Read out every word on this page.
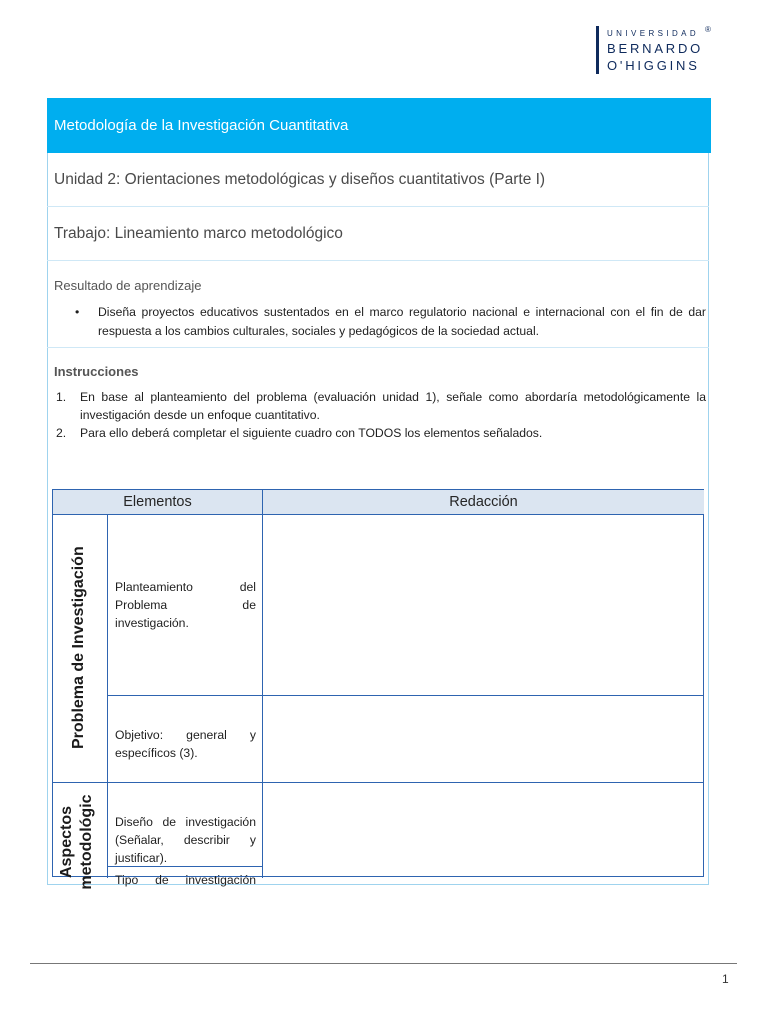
UNIVERSIDAD
BERNARDO
O'HIGGINS
®
Metodología de la Investigación Cuantitativa
Unidad 2: Orientaciones metodológicas y diseños cuantitativos (Parte I)
Trabajo: Lineamiento marco metodológico
Resultado de aprendizaje
• Diseña proyectos educativos sustentados en el marco regulatorio nacional e internacional con el fin de dar respuesta a los cambios culturales, sociales y pedagógicos de la sociedad actual.
Instrucciones
1. En base al planteamiento del problema (evaluación unidad 1), señale como abordaría metodológicamente la investigación desde un enfoque cuantitativo.
2. Para ello deberá completar el siguiente cuadro con TODOS los elementos señalados.
Elementos	Redacción
Problema de Investigación
Aspectos metodológic
Planteamiento del Problema de investigación.
Objetivo: general y específicos (3).
Diseño de investigación (Señalar, describir y justificar).
Tipo de investigación
1
